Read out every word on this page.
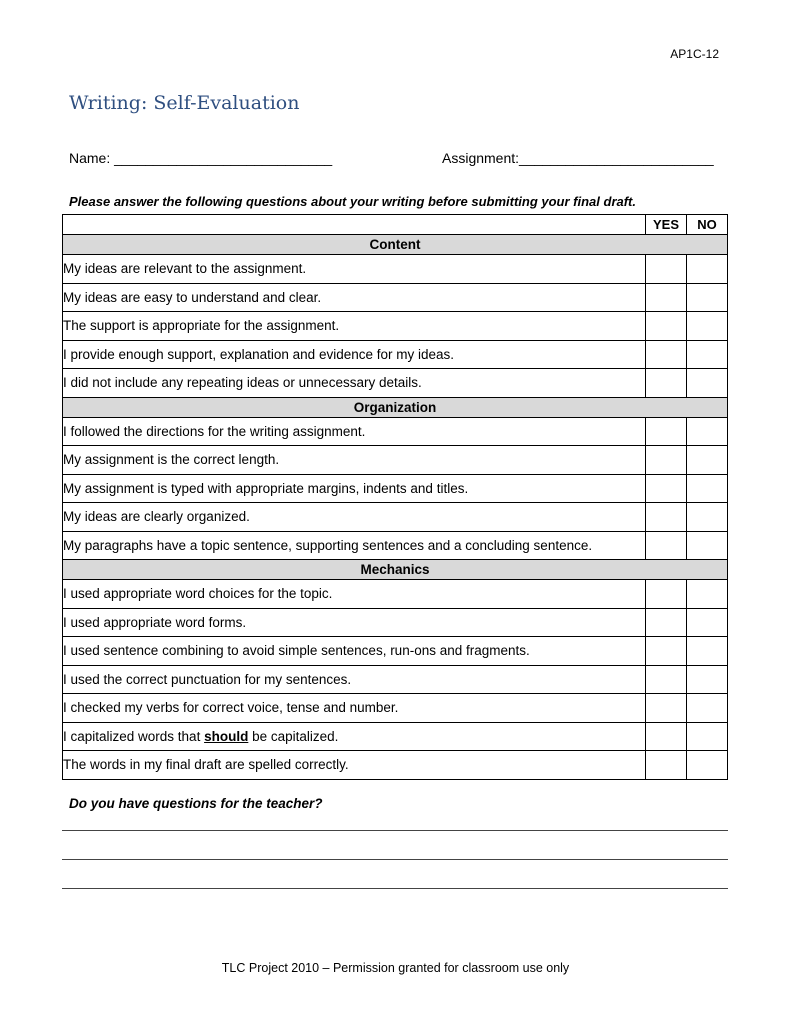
AP1C-12
Writing: Self-Evaluation
Name: ____________________________	Assignment:_________________________
Please answer the following questions about your writing before submitting your final draft.
	YES	NO
Content		
My ideas are relevant to the assignment.		
My ideas are easy to understand and clear.		
The support is appropriate for the assignment.		
I provide enough support, explanation and evidence for my ideas.		
I did not include any repeating ideas or unnecessary details.		
Organization		
I followed the directions for the writing assignment.		
My assignment is the correct length.		
My assignment is typed with appropriate margins, indents and titles.		
My ideas are clearly organized.		
My paragraphs have a topic sentence, supporting sentences and a concluding sentence.		
Mechanics		
I used appropriate word choices for the topic.		
I used appropriate word forms.		
I used sentence combining to avoid simple sentences, run-ons and fragments.		
I used the correct punctuation for my sentences.		
I checked my verbs for correct voice, tense and number.		
I capitalized words that should be capitalized.		
The words in my final draft are spelled correctly.		
Do you have questions for the teacher?
TLC Project 2010 – Permission granted for classroom use only
